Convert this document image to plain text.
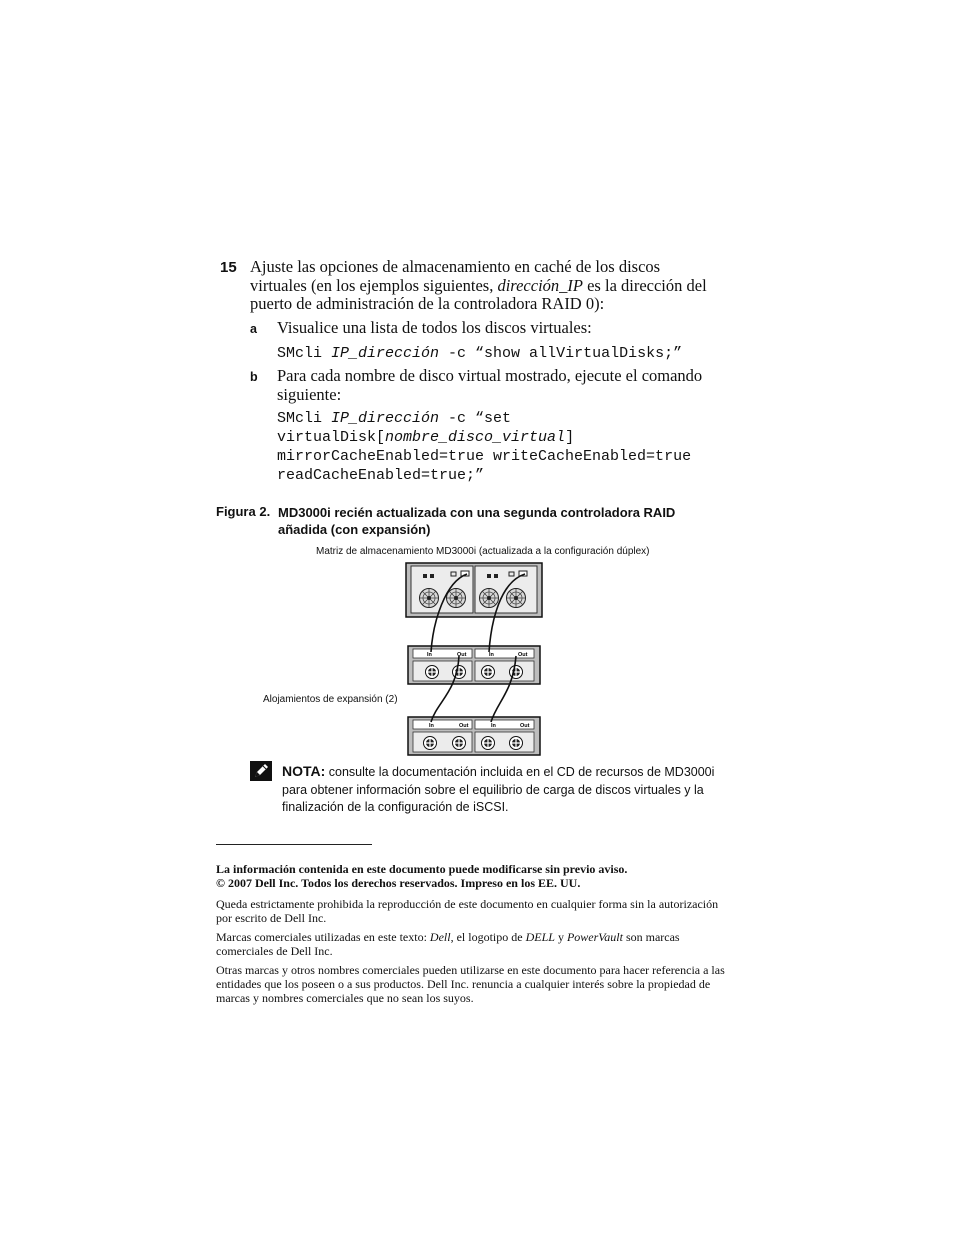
15 Ajuste las opciones de almacenamiento en caché de los discos virtuales (en los ejemplos siguientes, dirección_IP es la dirección del puerto de administración de la controladora RAID 0):
a Visualice una lista de todos los discos virtuales:
SMcli IP_dirección -c “show allVirtualDisks;”
b Para cada nombre de disco virtual mostrado, ejecute el comando siguiente:
SMcli IP_dirección -c “set
virtualDisk[nombre_disco_virtual]
mirrorCacheEnabled=true writeCacheEnabled=true
readCacheEnabled=true;”
Figura 2. MD3000i recién actualizada con una segunda controladora RAID añadida (con expansión)
Matriz de almacenamiento MD3000i (actualizada a la configuración dúplex)
Alojamientos de expansión (2)
In	Out	In	Out
In	Out	In	Out
NOTA: consulte la documentación incluida en el CD de recursos de MD3000i para obtener información sobre el equilibrio de carga de discos virtuales y la finalización de la configuración de iSCSI.
La información contenida en este documento puede modificarse sin previo aviso.
© 2007 Dell Inc. Todos los derechos reservados. Impreso en los EE. UU.
Queda estrictamente prohibida la reproducción de este documento en cualquier forma sin la autorización por escrito de Dell Inc.
Marcas comerciales utilizadas en este texto: Dell, el logotipo de DELL y PowerVault son marcas comerciales de Dell Inc.
Otras marcas y otros nombres comerciales pueden utilizarse en este documento para hacer referencia a las entidades que los poseen o a sus productos. Dell Inc. renuncia a cualquier interés sobre la propiedad de marcas y nombres comerciales que no sean los suyos.
